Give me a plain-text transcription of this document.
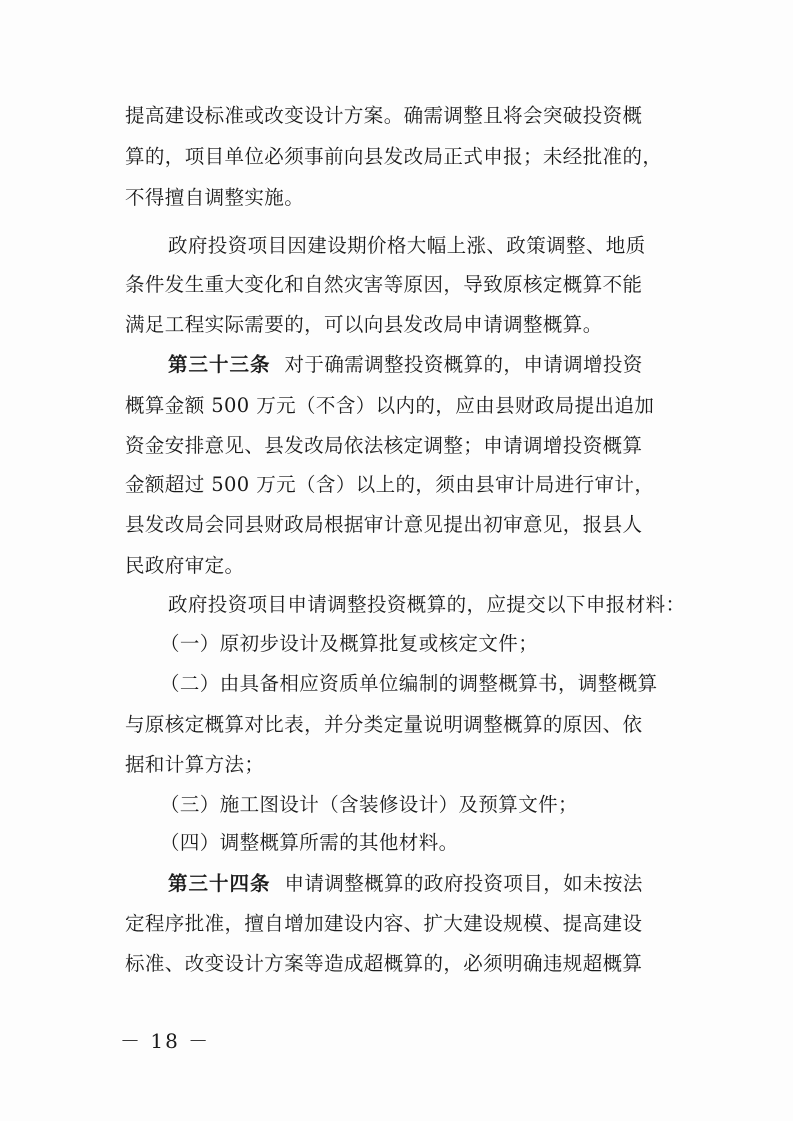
提高建设标准或改变设计方案。确需调整且将会突破投资概
算的，项目单位必须事前向县发改局正式申报；未经批准的，
不得擅自调整实施。
政府投资项目因建设期价格大幅上涨、政策调整、地质
条件发生重大变化和自然灾害等原因，导致原核定概算不能
满足工程实际需要的，可以向县发改局申请调整概算。
第三十三条 对于确需调整投资概算的，申请调增投资
概算金额 500 万元（不含）以内的，应由县财政局提出追加
资金安排意见、县发改局依法核定调整；申请调增投资概算
金额超过 500 万元（含）以上的，须由县审计局进行审计，
县发改局会同县财政局根据审计意见提出初审意见，报县人
民政府审定。
政府投资项目申请调整投资概算的，应提交以下申报材料：
（一）原初步设计及概算批复或核定文件；
（二）由具备相应资质单位编制的调整概算书，调整概算
与原核定概算对比表，并分类定量说明调整概算的原因、依
据和计算方法；
（三）施工图设计（含装修设计）及预算文件；
（四）调整概算所需的其他材料。
第三十四条 申请调整概算的政府投资项目，如未按法
定程序批准，擅自增加建设内容、扩大建设规模、提高建设
标准、改变设计方案等造成超概算的，必须明确违规超概算
－ 18 －
